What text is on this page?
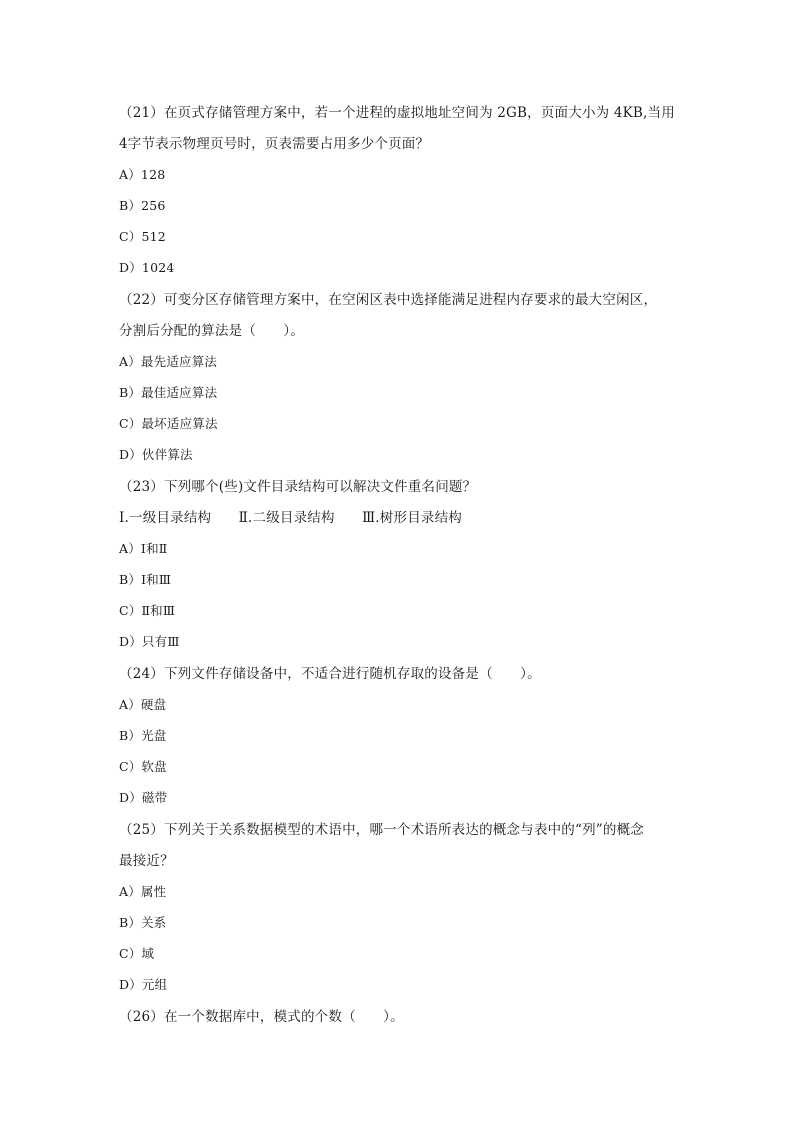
（21）在页式存储管理方案中，若一个进程的虚拟地址空间为 2GB，页面大小为 4KB,当用
4字节表示物理页号时，页表需要占用多少个页面？
A）128
B）256
C）512
D）1024
（22）可变分区存储管理方案中，在空闲区表中选择能满足进程内存要求的最大空闲区，
分割后分配的算法是（　　）。
A）最先适应算法
B）最佳适应算法
C）最坏适应算法
D）伙伴算法
（23）下列哪个(些)文件目录结构可以解决文件重名问题？
Ⅰ.一级目录结构　　Ⅱ.二级目录结构　　Ⅲ.树形目录结构
A）Ⅰ和Ⅱ
B）Ⅰ和Ⅲ
C）Ⅱ和Ⅲ
D）只有Ⅲ
（24）下列文件存储设备中，不适合进行随机存取的设备是（　　）。
A）硬盘
B）光盘
C）软盘
D）磁带
（25）下列关于关系数据模型的术语中，哪一个术语所表达的概念与表中的“列”的概念
最接近？
A）属性
B）关系
C）域
D）元组
（26）在一个数据库中，模式的个数（　　）。
